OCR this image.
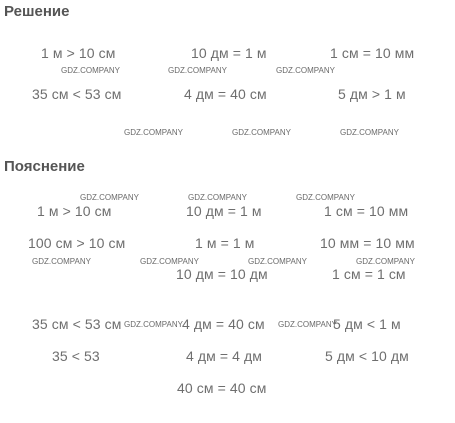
Решение
Пояснение
1 м > 10 см	10 дм = 1 м	1 см = 10 мм
35 см < 53 см	4 дм = 40 см	5 дм > 1 м
1 м > 10 см	10 дм = 1 м	1 см = 10 мм
100 см > 10 см	1 м = 1 м	10 мм = 10 мм
10 дм = 10 дм	1 см = 1 см
35 см < 53 см	4 дм = 40 см	5 дм < 1 м
35 < 53	4 дм = 4 дм	5 дм < 10 дм
40 см = 40 см
GDZ.COMPANY	GDZ.COMPANY	GDZ.COMPANY
GDZ.COMPANY	GDZ.COMPANY	GDZ.COMPANY
GDZ.COMPANY	GDZ.COMPANY	GDZ.COMPANY
GDZ.COMPANY	GDZ.COMPANY	GDZ.COMPANY	GDZ.COMPANY
GDZ.COMPANY	GDZ.COMPANY
